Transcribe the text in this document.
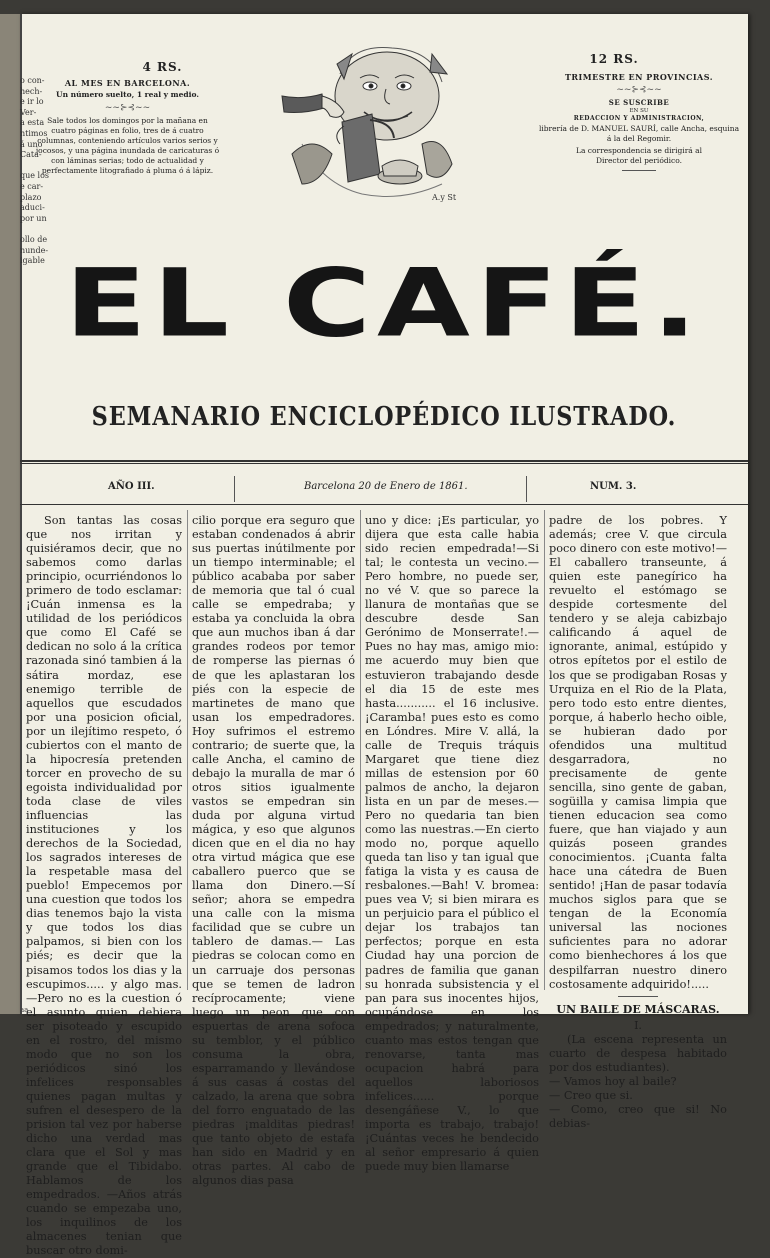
o con-
hech-
e ir lo
Ver-
a esta
ntimos
á uno
Cata-

que los
e car-
plazo
aduci-
por un

ollo de
nunde-
igable

4 RS.
AL MES EN BARCELONA.
Un número suelto, 1 real y medio.
~~⊱⊰~~
Sale todos los domingos por la mañana en cuatro páginas en folio, tres de á cuatro columnas, conteniendo artículos varios serios y jocosos, y una página inundada de caricaturas ó con láminas serias; todo de actualidad y perfectamente litografiado á pluma ó á lápiz.
A.y St
12 RS.
TRIMESTRE EN PROVINCIAS.
~~⊱⊰~~
SE SUSCRIBE
EN SU
REDACCION Y ADMINISTRACION,
librería de D. MANUEL SAURÍ, calle Ancha, esquina á la del Regomir.
La correspondencia se dirigirá al Director del periódico.
EL CAFÉ.
SEMANARIO ENCICLOPÉDICO ILUSTRADO.
AÑO III.	Barcelona 20 de Enero de 1861.	NUM. 3.

Son tantas las cosas que nos irritan y quisiéramos decir, que no sabemos como darlas principio, ocurriéndonos lo primero de todo esclamar: ¡Cuán inmensa es la utilidad de los periódicos que como El Café se dedican no solo á la crítica razonada sinó tambien á la sátira mordaz, ese enemigo terrible de aquellos que escudados por una posicion oficial, por un ilejítimo respeto, ó cubiertos con el manto de la hipocresía pretenden torcer en provecho de su egoista individualidad por toda clase de viles influencias las instituciones y los derechos de la Sociedad, los sagrados intereses de la respetable masa del pueblo! Empecemos por una cuestion que todos los dias tenemos bajo la vista y que todos los dias palpamos, si bien con los piés; es decir que la pisamos todos los dias y la escupimos..... y algo mas.—Pero no es la cuestion ó el asunto quien debiera ser pisoteado y escupido en el rostro, del mismo modo que no son los periódicos sinó los infelices responsables quienes pagan multas y sufren el desespero de la prision tal vez por haberse dicho una verdad mas clara que el Sol y mas grande que el Tibidabo. Hablamos de los empedrados. —Años atrás cuando se empezaba uno, los inquilinos de los almacenes tenian que buscar otro domi-

cilio porque era seguro que estaban condenados á abrir sus puertas inútilmente por un tiempo interminable; el público acababa por saber de memoria que tal ó cual calle se empedraba; y estaba ya concluida la obra que aun muchos iban á dar grandes rodeos por temor de romperse las piernas ó de que les aplastaran los piés con la especie de martinetes de mano que usan los empedradores. Hoy sufrimos el estremo contrario; de suerte que, la calle Ancha, el camino de debajo la muralla de mar ó otros sitios igualmente vastos se empedran sin duda por alguna virtud mágica, y eso que algunos dicen que en el dia no hay otra virtud mágica que ese caballero puerco que se llama don Dinero.—Sí señor; ahora se empedra una calle con la misma facilidad que se cubre un tablero de damas.— Las piedras se colocan como en un carruaje dos personas que se temen de ladron recíprocamente; viene luego un peon que con espuertas de arena sofoca su temblor, y el público consuma la obra, esparramando y llevándose á sus casas á costas del calzado, la arena que sobra del forro enguatado de las piedras ¡malditas piedras! que tanto objeto de estafa han sido en Madrid y en otras partes. Al cabo de algunos dias pasa

uno y dice: ¡Es particular, yo dijera que esta calle habia sido recien empedrada!—Si tal; le contesta un vecino.—Pero hombre, no puede ser, no vé V. que so parece la llanura de montañas que se descubre desde San Gerónimo de Monserrate!.— Pues no hay mas, amigo mio: me acuerdo muy bien que estuvieron trabajando desde el dia 15 de este mes hasta........... el 16 inclusive. ¡Caramba! pues esto es como en Lóndres. Mire V. allá, la calle de Trequis tráquis Margaret que tiene diez millas de estension por 60 palmos de ancho, la dejaron lista en un par de meses.—Pero no quedaria tan bien como las nuestras.—En cierto modo no, porque aquello queda tan liso y tan igual que fatiga la vista y es causa de resbalones.—Bah! V. bromea: pues vea V; si bien mirara es un perjuicio para el público el dejar los trabajos tan perfectos; porque en esta Ciudad hay una porcion de padres de familia que ganan su honrada subsistencia y el pan para sus inocentes hijos, ocupándose en los empedrados; y naturalmente, cuanto mas estos tengan que renovarse, tanta mas ocupacion habrá para aquellos laboriosos infelices...... porque desengáñese V., lo que importa es trabajo, trabajo! ¡Cuántas veces he bendecido al señor empresario á quien puede muy bien llamarse

padre de los pobres. Y además; cree V. que circula poco dinero con este motivo!— El caballero transeunte, á quien este panegírico ha revuelto el estómago se despide cortesmente del tendero y se aleja cabizbajo calificando á aquel de ignorante, animal, estúpido y otros epítetos por el estilo de los que se prodigaban Rosas y Urquiza en el Rio de la Plata, pero todo esto entre dientes, porque, á haberlo hecho oible, se hubieran dado por ofendidos una multitud desgarradora, no precisamente de gente sencilla, sino gente de gaban, sogüilla y camisa limpia que tienen educacion sea como fuere, que han viajado y aun quizás poseen grandes conocimientos. ¡Cuanta falta hace una cátedra de Buen sentido! ¡Han de pasar todavía muchos siglos para que se tengan de la Economía universal las nociones suficientes para no adorar como bienhechores á los que despilfarran nuestro dinero costosamente adquirido!.....

UN BAILE DE MÁSCARAS.
I.

(La escena representa un cuarto de despesa habitado por dos estudiantes).

— Vamos hoy al baile?

— Creo que si.

— Como, creo que si! No debias-

aa
